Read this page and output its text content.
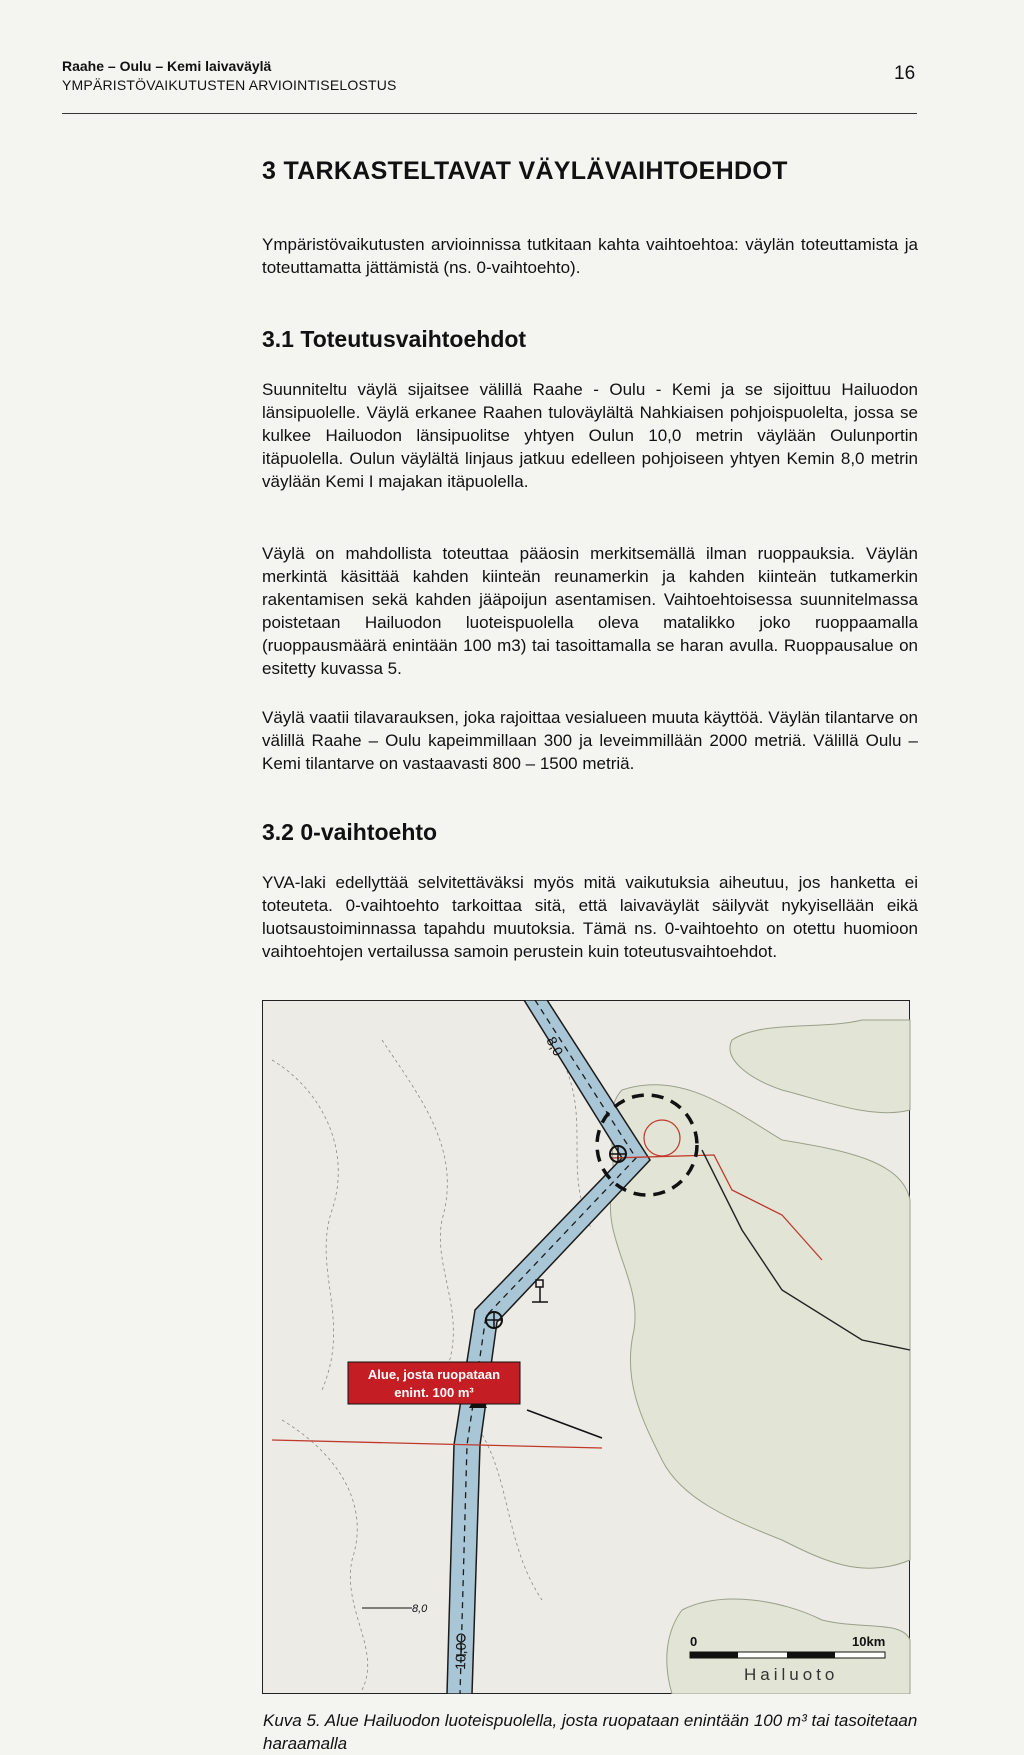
Raahe – Oulu – Kemi laivaväylä
YMPÄRISTÖVAIKUTUSTEN ARVIOINTISELOSTUS
16
3 TARKASTELTAVAT VÄYLÄVAIHTOEHDOT

Ympäristövaikutusten arvioinnissa tutkitaan kahta vaihtoehtoa: väylän toteuttamista ja toteuttamatta jättämistä (ns. 0-vaihtoehto).

3.1 Toteutusvaihtoehdot

Suunniteltu väylä sijaitsee välillä Raahe - Oulu - Kemi ja se sijoittuu Hailuodon länsipuolelle. Väylä erkanee Raahen tuloväylältä Nahkiaisen pohjoispuolelta, jossa se kulkee Hailuodon länsipuolitse yhtyen Oulun 10,0 metrin väylään Oulunportin itäpuolella. Oulun väylältä linjaus jatkuu edelleen pohjoiseen yhtyen Kemin 8,0 metrin väylään Kemi I majakan itäpuolella.

Väylä on mahdollista toteuttaa pääosin merkitsemällä ilman ruoppauksia. Väylän merkintä käsittää kahden kiinteän reunamerkin ja kahden kiinteän tutkamerkin rakentamisen sekä kahden jääpoijun asentamisen. Vaihtoehtoisessa suunnitelmassa poistetaan Hailuodon luoteispuolella oleva matalikko joko ruoppaamalla (ruoppausmäärä enintään 100 m3) tai tasoittamalla se haran avulla. Ruoppausalue on esitetty kuvassa 5.

Väylä vaatii tilavarauksen, joka rajoittaa vesialueen muuta käyttöä. Väylän tilantarve on välillä Raahe – Oulu kapeimmillaan 300 ja leveimmillään 2000 metriä. Välillä Oulu – Kemi tilantarve on vastaavasti 800 – 1500 metriä.

3.2 0-vaihtoehto

YVA-laki edellyttää selvitettäväksi myös mitä vaikutuksia aiheutuu, jos hanketta ei toteuteta. 0-vaihtoehto tarkoittaa sitä, että laivaväylät säilyvät nykyisellään eikä luotsaustoiminnassa tapahdu muutoksia. Tämä ns. 0-vaihtoehto on otettu huomioon vaihtoehtojen vertailussa samoin perustein kuin toteutusvaihtoehdot.

Alue, josta ruopataan
enint. 100 m³
8,0
10,0
8,0
0	10km
Hailuoto
Kuva 5. Alue Hailuodon luoteispuolella, josta ruopataan enintään 100 m³ tai tasoitetaan haraamalla
